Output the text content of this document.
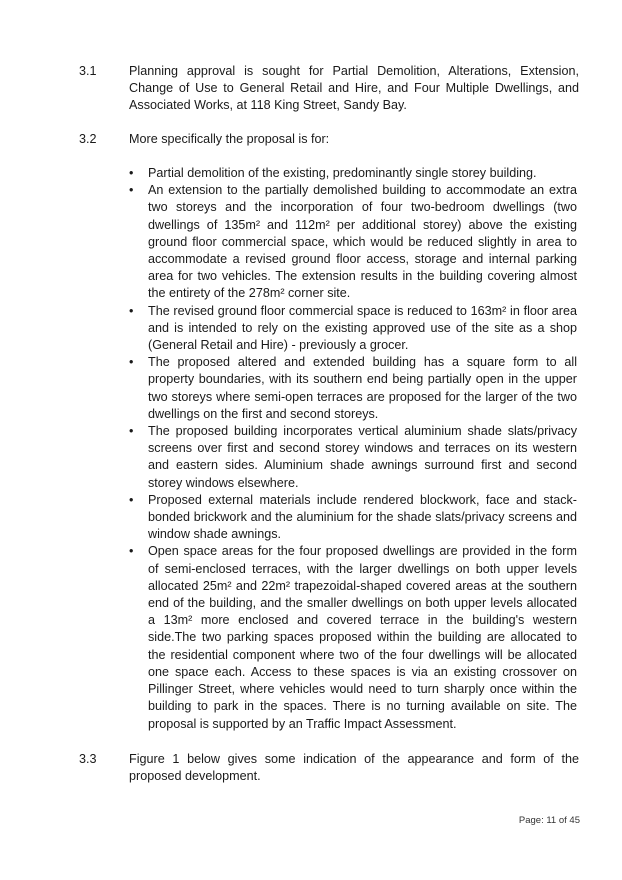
3.1	Planning approval is sought for Partial Demolition, Alterations, Extension, Change of Use to General Retail and Hire, and Four Multiple Dwellings, and Associated Works, at 118 King Street, Sandy Bay.
3.2	More specifically the proposal is for:
• Partial demolition of the existing, predominantly single storey building.
• An extension to the partially demolished building to accommodate an extra two storeys and the incorporation of four two-bedroom dwellings (two dwellings of 135m² and 112m² per additional storey) above the existing ground floor commercial space, which would be reduced slightly in area to accommodate a revised ground floor access, storage and internal parking area for two vehicles. The extension results in the building covering almost the entirety of the 278m² corner site.
• The revised ground floor commercial space is reduced to 163m² in floor area and is intended to rely on the existing approved use of the site as a shop (General Retail and Hire) - previously a grocer.
• The proposed altered and extended building has a square form to all property boundaries, with its southern end being partially open in the upper two storeys where semi-open terraces are proposed for the larger of the two dwellings on the first and second storeys.
• The proposed building incorporates vertical aluminium shade slats/privacy screens over first and second storey windows and terraces on its western and eastern sides. Aluminium shade awnings surround first and second storey windows elsewhere.
• Proposed external materials include rendered blockwork, face and stack-bonded brickwork and the aluminium for the shade slats/privacy screens and window shade awnings.
• Open space areas for the four proposed dwellings are provided in the form of semi-enclosed terraces, with the larger dwellings on both upper levels allocated 25m² and 22m² trapezoidal-shaped covered areas at the southern end of the building, and the smaller dwellings on both upper levels allocated a 13m² more enclosed and covered terrace in the building's western side.The two parking spaces proposed within the building are allocated to the residential component where two of the four dwellings will be allocated one space each. Access to these spaces is via an existing crossover on Pillinger Street, where vehicles would need to turn sharply once within the building to park in the spaces. There is no turning available on site. The proposal is supported by an Traffic Impact Assessment.
3.3	Figure 1 below gives some indication of the appearance and form of the proposed development.
Page: 11 of 45
